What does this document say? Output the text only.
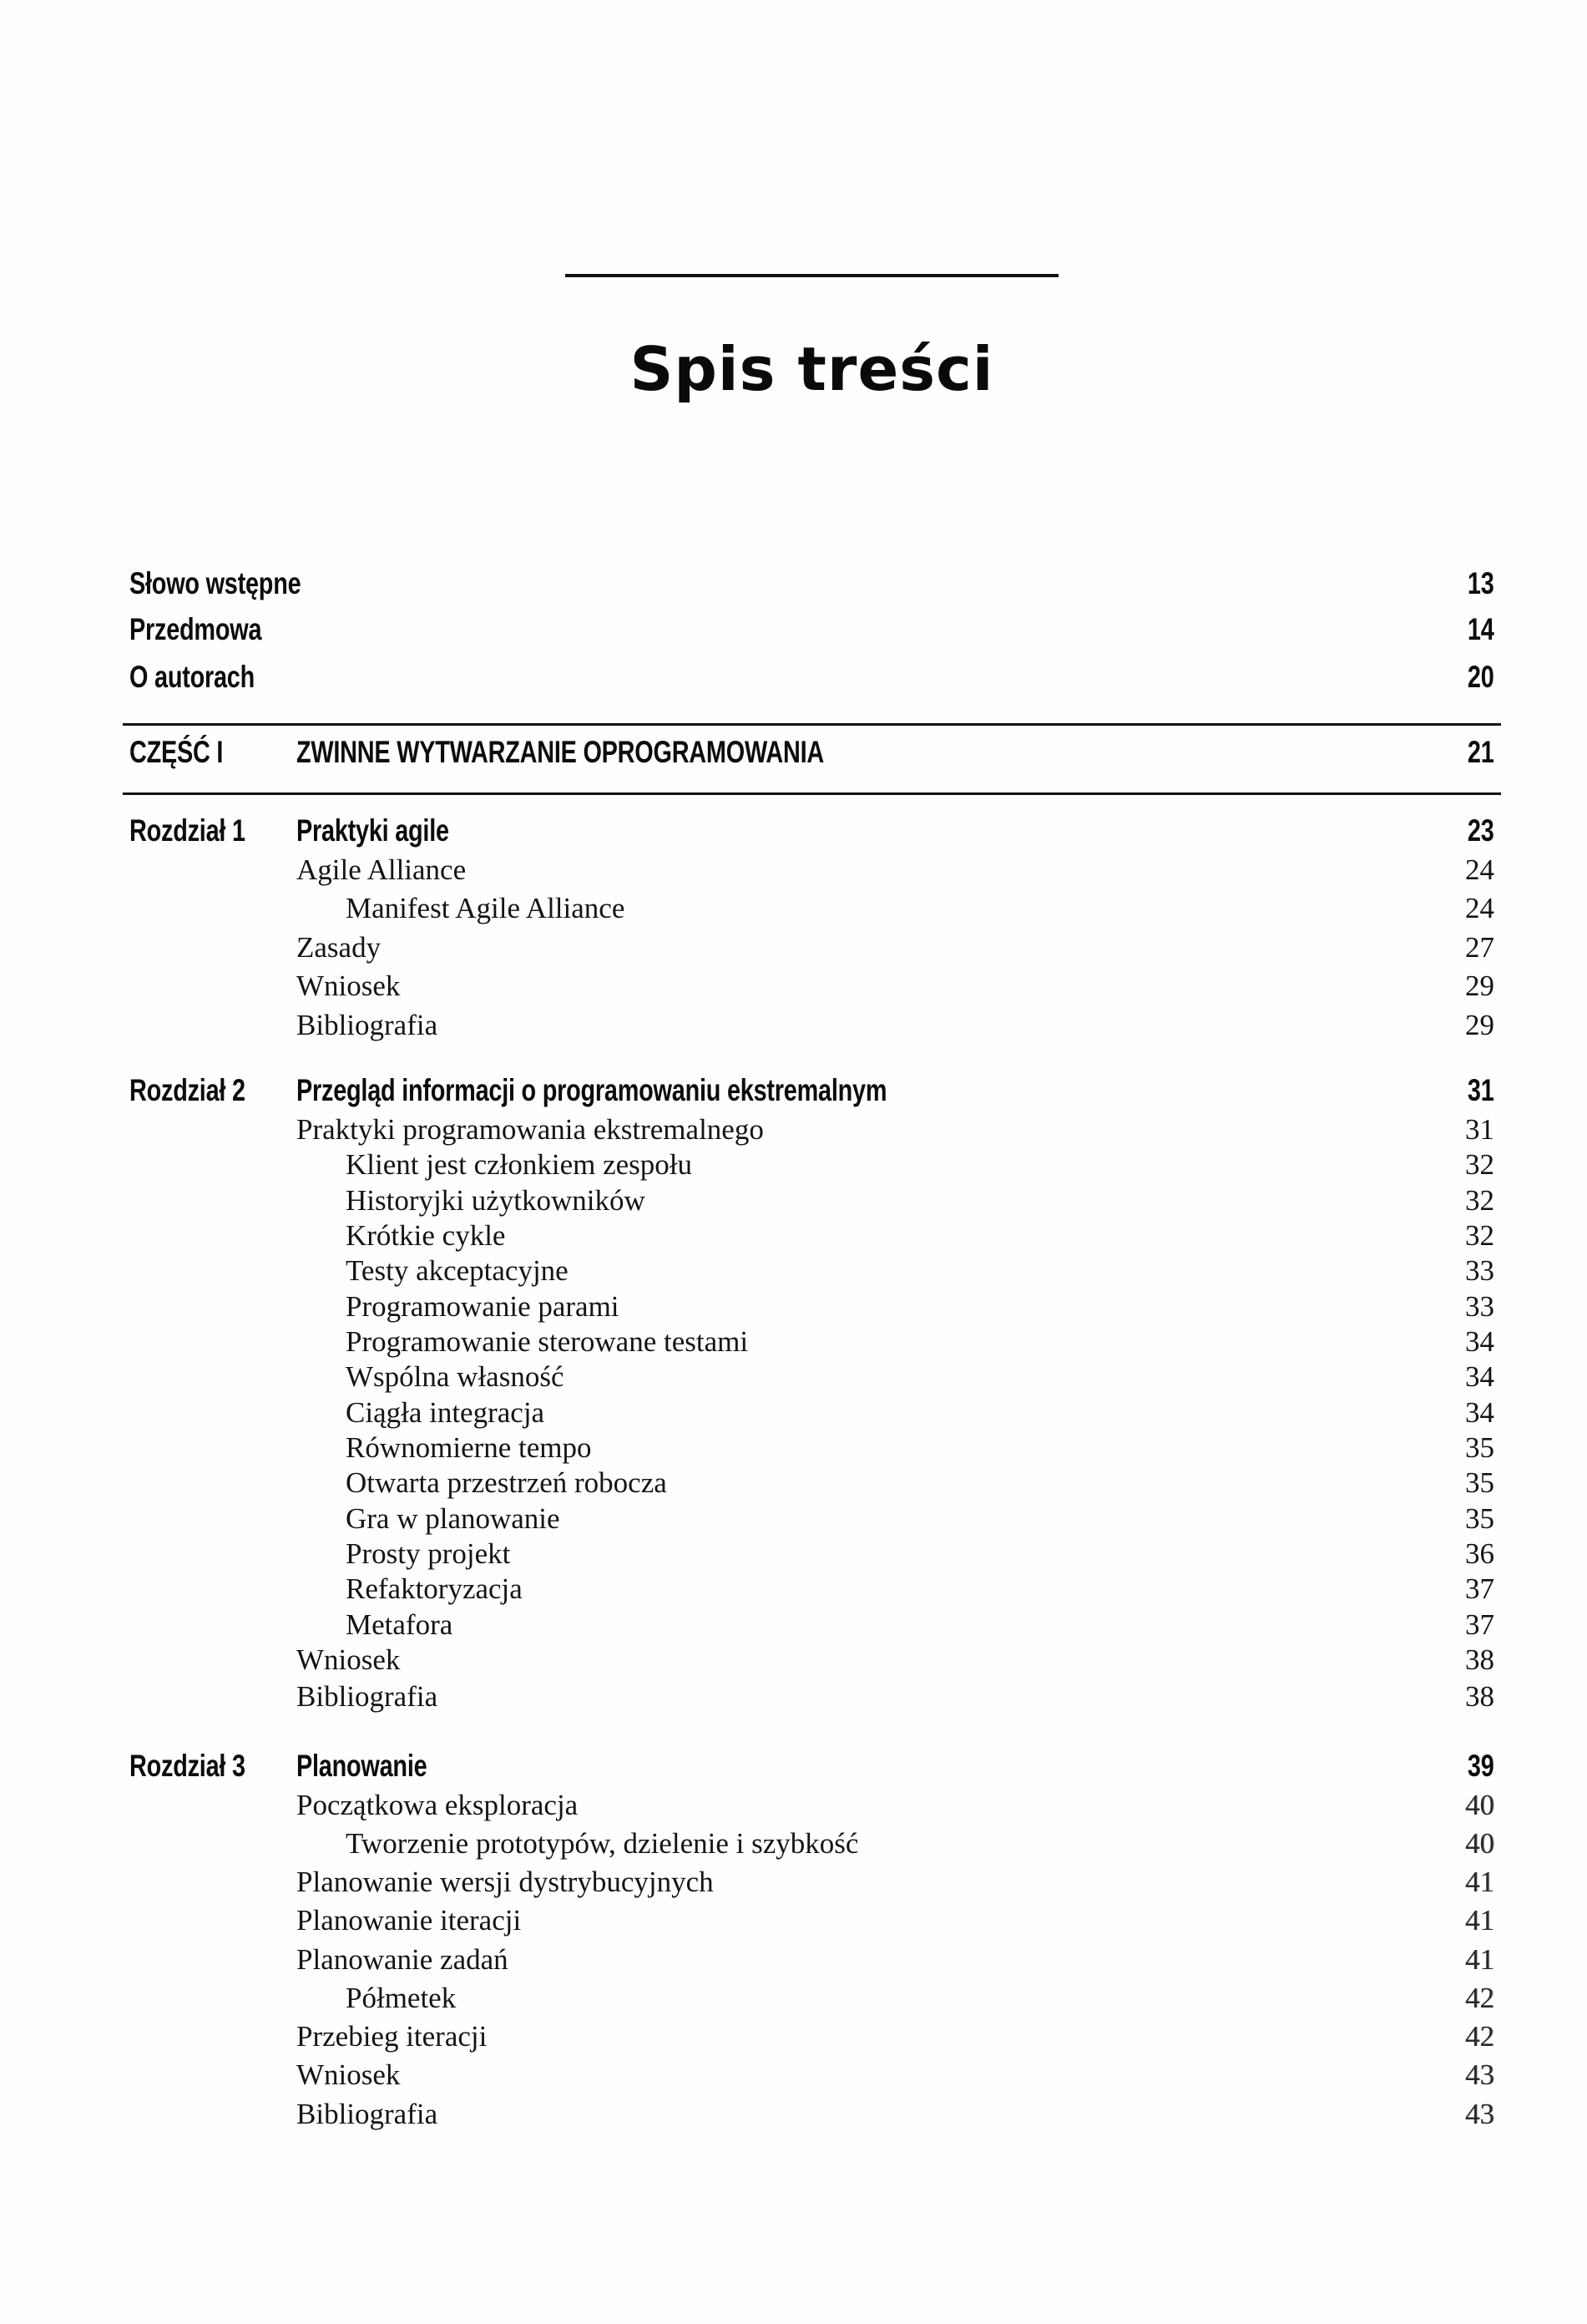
Spis treści
Słowo wstępne	13
Przedmowa	14
O autorach	20
CZĘŚĆ I ZWINNE WYTWARZANIE OPROGRAMOWANIA	21
Rozdział 1 Praktyki agile	23
Agile Alliance	24
Manifest Agile Alliance	24
Zasady	27
Wniosek	29
Bibliografia	29
Rozdział 2 Przegląd informacji o programowaniu ekstremalnym	31
Praktyki programowania ekstremalnego	31
Klient jest członkiem zespołu	32
Historyjki użytkowników	32
Krótkie cykle	32
Testy akceptacyjne	33
Programowanie parami	33
Programowanie sterowane testami	34
Wspólna własność	34
Ciągła integracja	34
Równomierne tempo	35
Otwarta przestrzeń robocza	35
Gra w planowanie	35
Prosty projekt	36
Refaktoryzacja	37
Metafora	37
Wniosek	38
Bibliografia	38
Rozdział 3 Planowanie	39
Początkowa eksploracja	40
Tworzenie prototypów, dzielenie i szybkość	40
Planowanie wersji dystrybucyjnych	41
Planowanie iteracji	41
Planowanie zadań	41
Półmetek	42
Przebieg iteracji	42
Wniosek	43
Bibliografia	43
